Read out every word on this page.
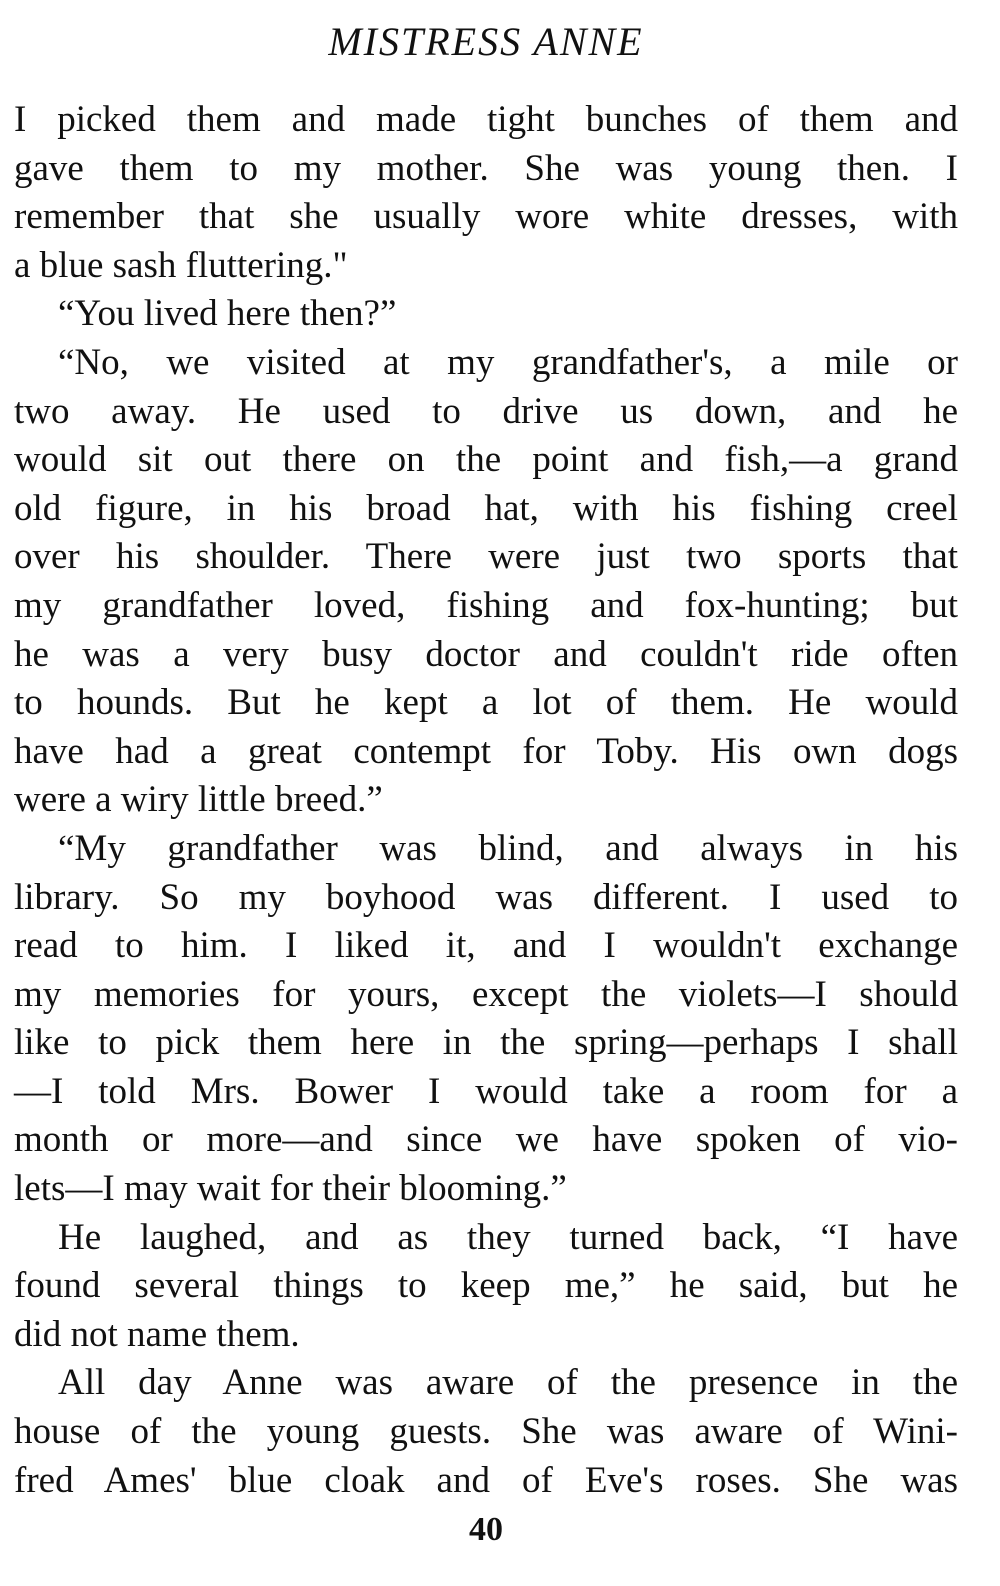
MISTRESS ANNE
I picked them and made tight bunches of them and
gave them to my mother. She was young then. I
remember that she usually wore white dresses, with
a blue sash fluttering."
“You lived here then?”
“No, we visited at my grandfather's, a mile or
two away. He used to drive us down, and he
would sit out there on the point and fish,—a grand
old figure, in his broad hat, with his fishing creel
over his shoulder. There were just two sports that
my grandfather loved, fishing and fox-hunting; but
he was a very busy doctor and couldn't ride often
to hounds. But he kept a lot of them. He would
have had a great contempt for Toby. His own dogs
were a wiry little breed.”
“My grandfather was blind, and always in his
library. So my boyhood was different. I used to
read to him. I liked it, and I wouldn't exchange
my memories for yours, except the violets—I should
like to pick them here in the spring—perhaps I shall
—I told Mrs. Bower I would take a room for a
month or more—and since we have spoken of vio-
lets—I may wait for their blooming.”
He laughed, and as they turned back, “I have
found several things to keep me,” he said, but he
did not name them.
All day Anne was aware of the presence in the
house of the young guests. She was aware of Wini-
fred Ames' blue cloak and of Eve's roses. She was
40
